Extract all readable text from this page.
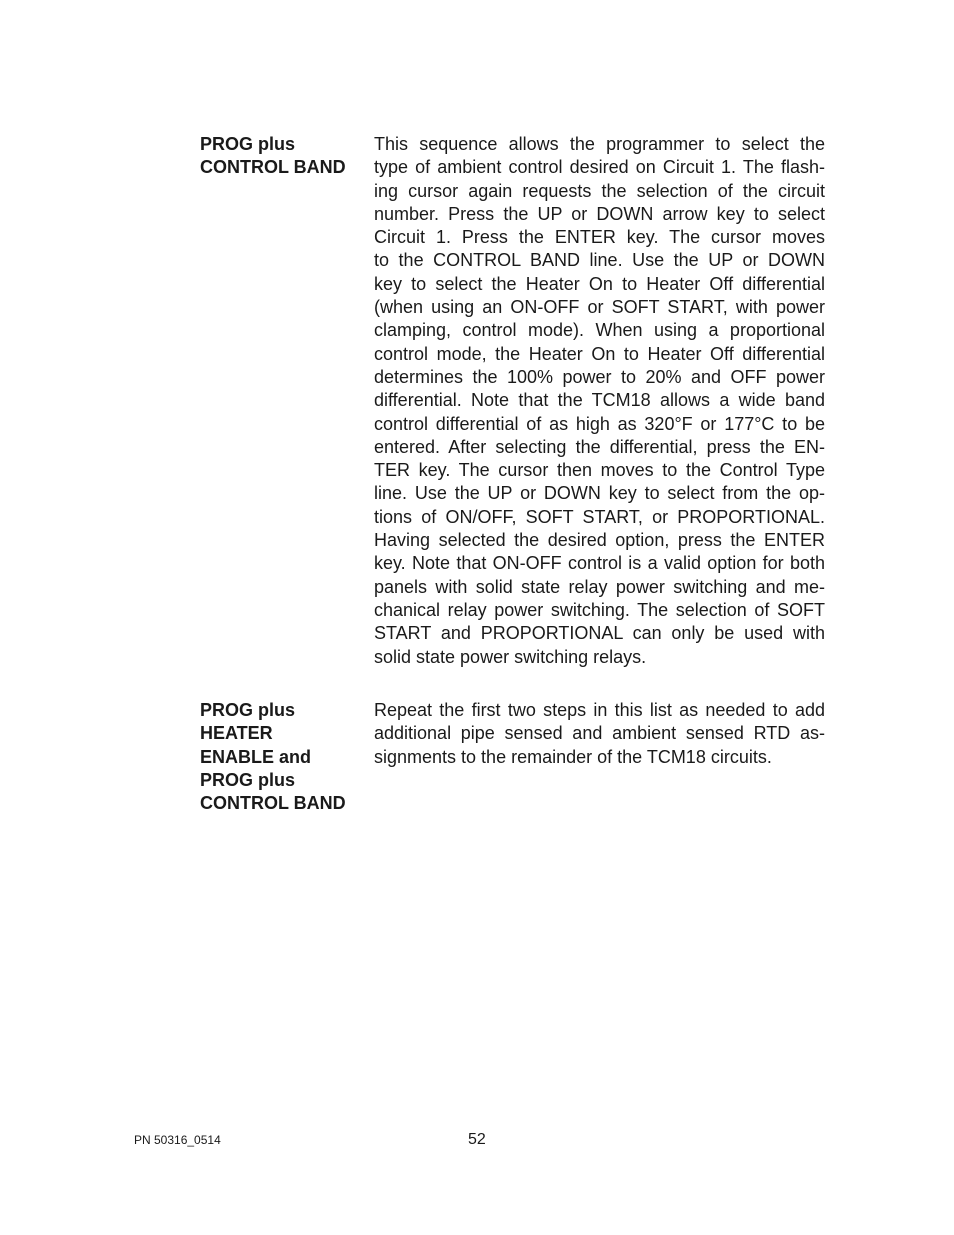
PROG plus
CONTROL BAND
This sequence allows the programmer to select the
type of ambient control desired on Circuit 1. The flash-
ing cursor again requests the selection of the circuit
number. Press the UP or DOWN arrow key to select
Circuit 1. Press the ENTER key. The cursor moves
to the CONTROL BAND line. Use the UP or DOWN
key to select the Heater On to Heater Off differential
(when using an ON-OFF or SOFT START, with power
clamping, control mode). When using a proportional
control mode, the Heater On to Heater Off differential
determines the 100% power to 20% and OFF power
differential. Note that the TCM18 allows a wide band
control differential of as high as 320°F or 177°C to be
entered. After selecting the differential, press the EN-
TER key. The cursor then moves to the Control Type
line. Use the UP or DOWN key to select from the op-
tions of ON/OFF, SOFT START, or PROPORTIONAL.
Having selected the desired option, press the ENTER
key. Note that ON-OFF control is a valid option for both
panels with solid state relay power switching and me-
chanical relay power switching. The selection of SOFT
START and PROPORTIONAL can only be used with
solid state power switching relays.
PROG plus
HEATER
ENABLE and
PROG plus
CONTROL BAND
Repeat the first two steps in this list as needed to add
additional pipe sensed and ambient sensed RTD as-
signments to the remainder of the TCM18 circuits.
PN 50316_0514	52
